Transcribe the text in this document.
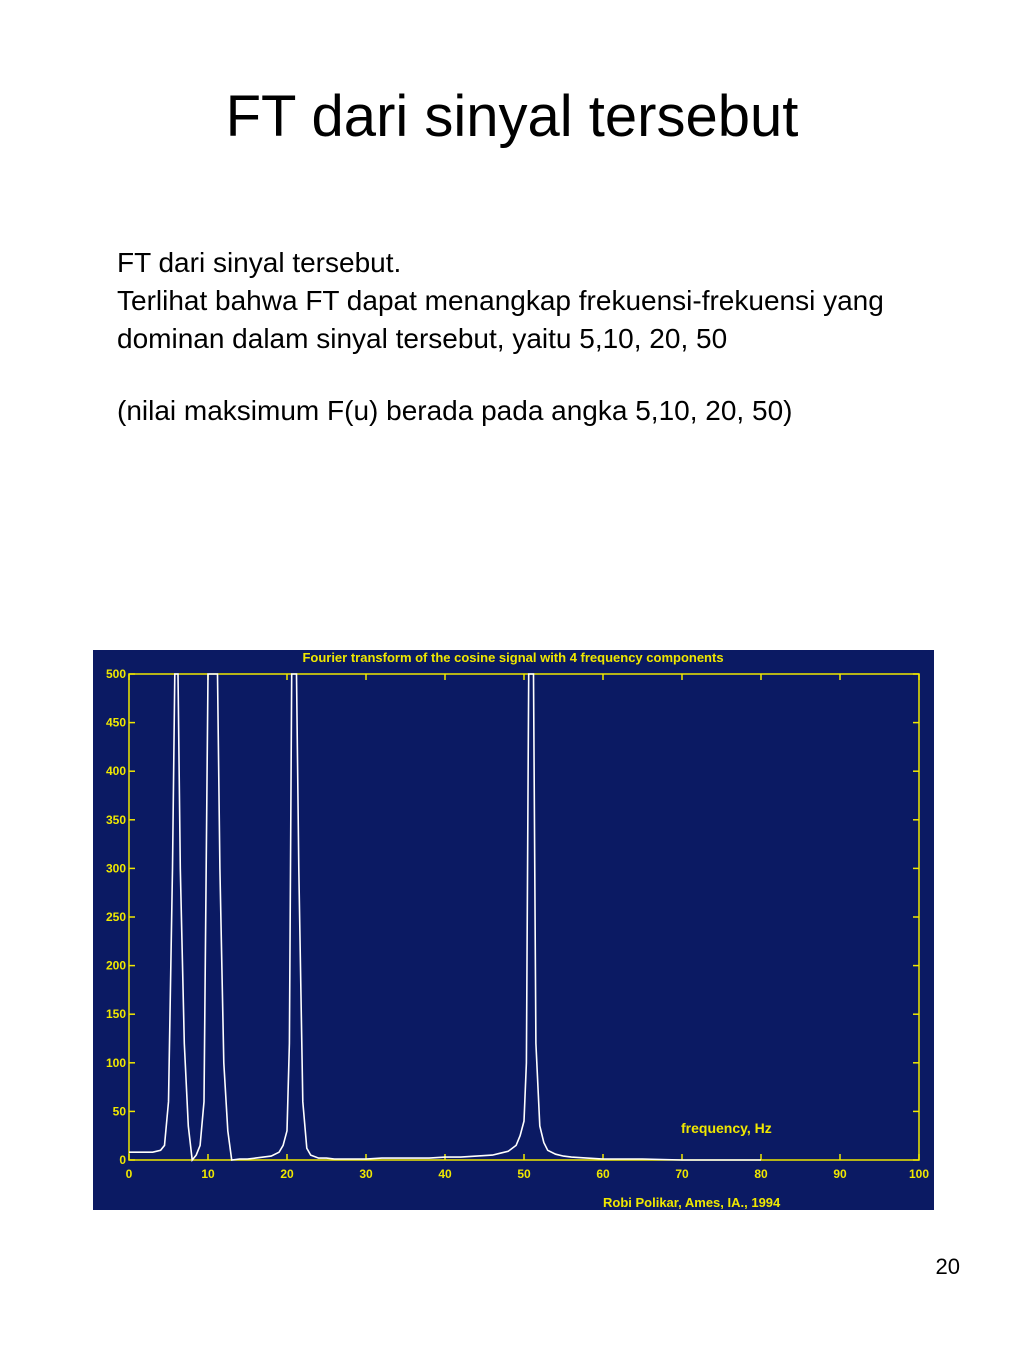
FT dari sinyal tersebut

FT dari sinyal tersebut.

Terlihat bahwa FT dapat menangkap frekuensi-frekuensi yang dominan dalam sinyal tersebut, yaitu 5,10, 20, 50

(nilai maksimum F(u) berada pada angka 5,10, 20, 50)

Fourier transform of the cosine signal with 4 frequency components
0	10	20	30	40	50	60	70	80	90	100
0
50
100
150
200
250
300
350
400
450
500
frequency, Hz
Robi Polikar, Ames, IA., 1994
20
